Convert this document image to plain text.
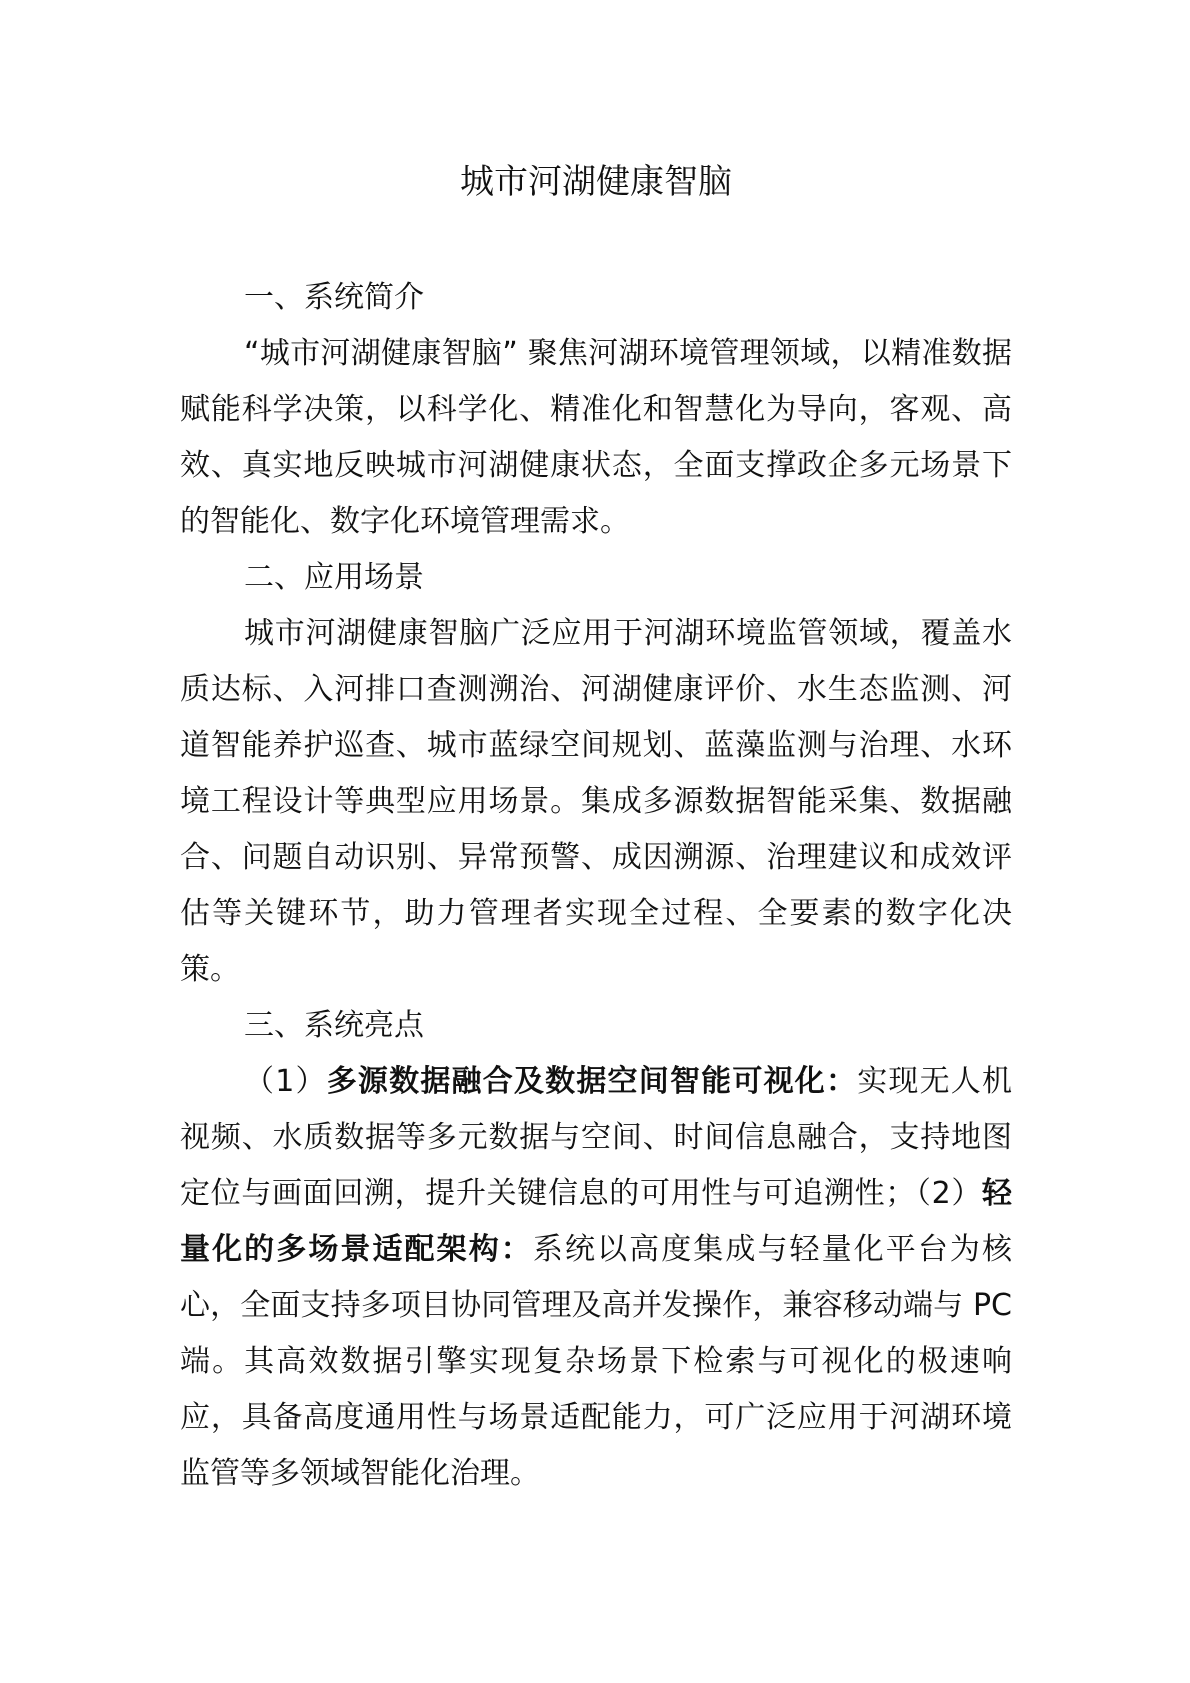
城市河湖健康智脑
一、系统简介

“城市河湖健康智脑” 聚焦河湖环境管理领域，以精准数据赋能科学决策，以科学化、精准化和智慧化为导向，客观、高效、真实地反映城市河湖健康状态，全面支撑政企多元场景下的智能化、数字化环境管理需求。

二、应用场景

城市河湖健康智脑广泛应用于河湖环境监管领域，覆盖水质达标、入河排口查测溯治、河湖健康评价、水生态监测、河道智能养护巡查、城市蓝绿空间规划、蓝藻监测与治理、水环境工程设计等典型应用场景。集成多源数据智能采集、数据融合、问题自动识别、异常预警、成因溯源、治理建议和成效评估等关键环节，助力管理者实现全过程、全要素的数字化决策。

三、系统亮点

（1）多源数据融合及数据空间智能可视化：实现无人机视频、水质数据等多元数据与空间、时间信息融合，支持地图定位与画面回溯，提升关键信息的可用性与可追溯性；（2）轻量化的多场景适配架构：系统以高度集成与轻量化平台为核心，全面支持多项目协同管理及高并发操作，兼容移动端与 PC 端。其高效数据引擎实现复杂场景下检索与可视化的极速响应，具备高度通用性与场景适配能力，可广泛应用于河湖环境监管等多领域智能化治理。
